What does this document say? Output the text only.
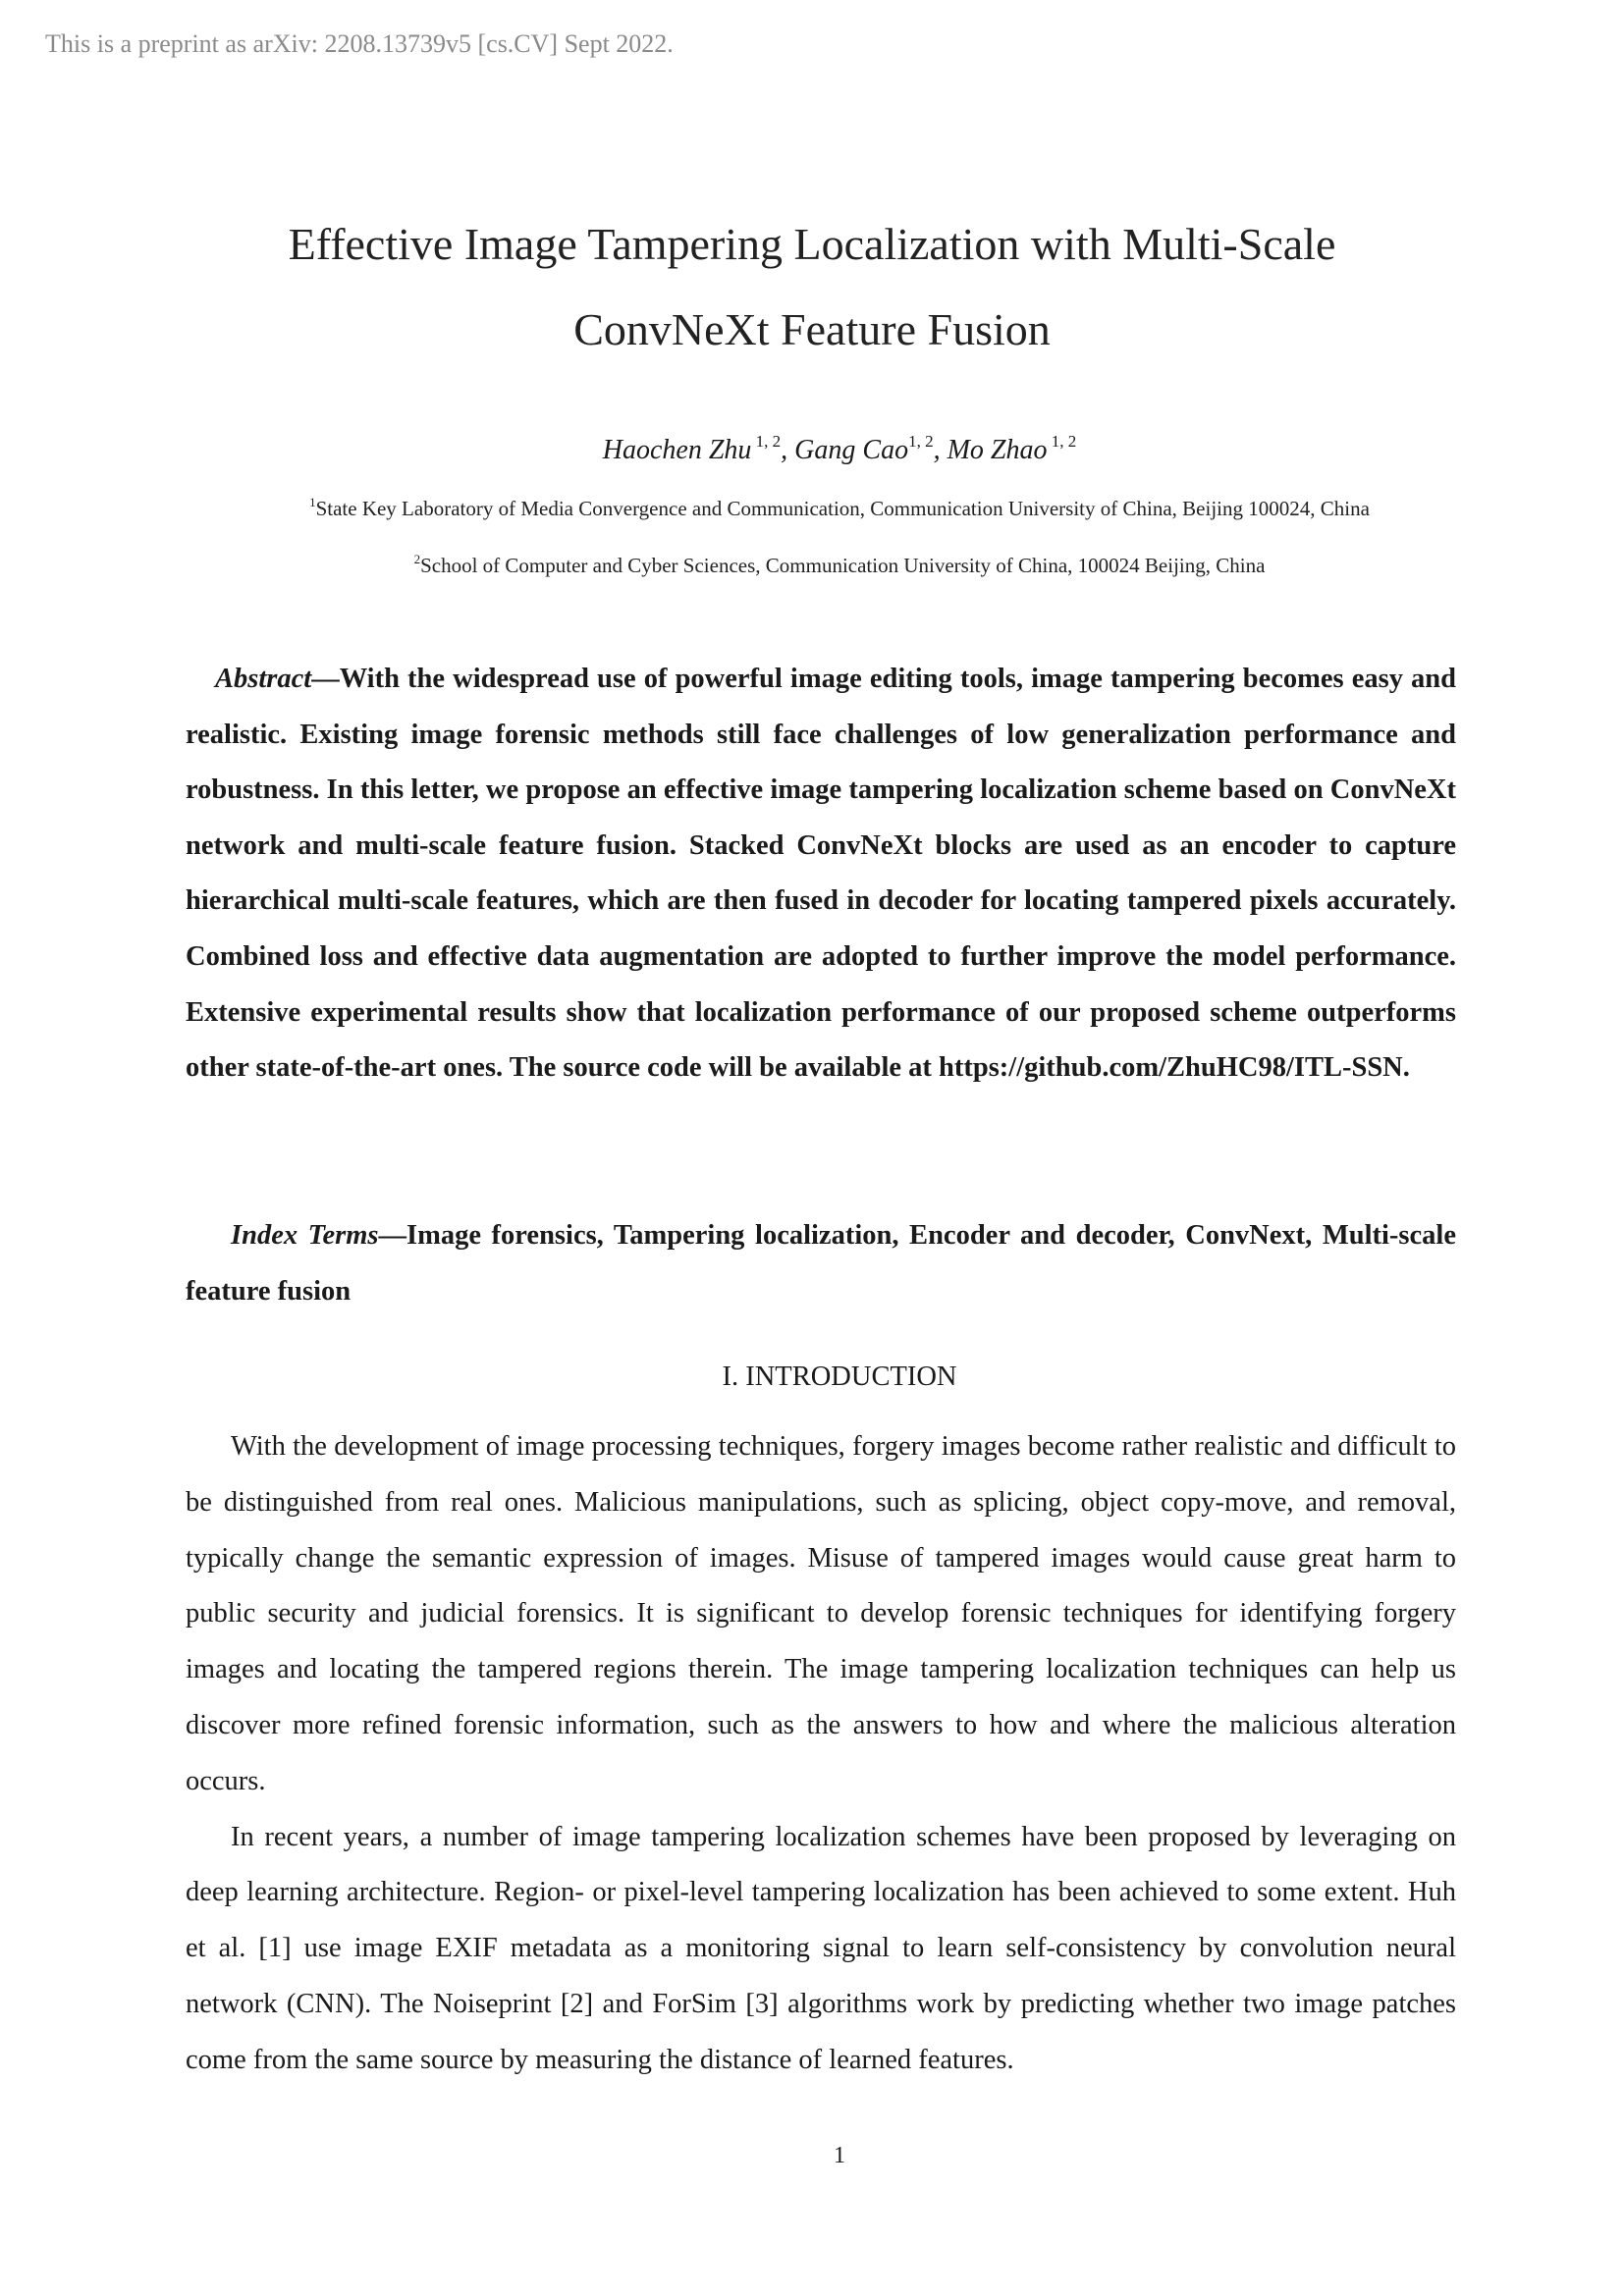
This is a preprint as arXiv: 2208.13739v5 [cs.CV] Sept 2022.
Effective Image Tampering Localization with Multi-Scale
ConvNeXt Feature Fusion
Haochen Zhu $^{1, 2}$, Gang Cao$^{1, 2}$, Mo Zhao $^{1, 2}$
$^1$State Key Laboratory of Media Convergence and Communication, Communication University of China, Beijing 100024, China
$^2$School of Computer and Cyber Sciences, Communication University of China, 100024 Beijing, China

Abstract—With the widespread use of powerful image editing tools, image tampering becomes easy and realistic. Existing image forensic methods still face challenges of low generalization performance and robustness. In this letter, we propose an effective image tampering localization scheme based on ConvNeXt network and multi-scale feature fusion. Stacked ConvNeXt blocks are used as an encoder to capture hierarchical multi-scale features, which are then fused in decoder for locating tampered pixels accurately. Combined loss and effective data augmentation are adopted to further improve the model performance. Extensive experimental results show that localization performance of our proposed scheme outperforms other state-of-the-art ones. The source code will be available at https://github.com/ZhuHC98/ITL-SSN.

Index Terms—Image forensics, Tampering localization, Encoder and decoder, ConvNext, Multi-scale feature fusion

I. INTRODUCTION

With the development of image processing techniques, forgery images become rather realistic and difficult to be distinguished from real ones. Malicious manipulations, such as splicing, object copy-move, and removal, typically change the semantic expression of images. Misuse of tampered images would cause great harm to public security and judicial forensics. It is significant to develop forensic techniques for identifying forgery images and locating the tampered regions therein. The image tampering localization techniques can help us discover more refined forensic information, such as the answers to how and where the malicious alteration occurs.

In recent years, a number of image tampering localization schemes have been proposed by leveraging on deep learning architecture. Region- or pixel-level tampering localization has been achieved to some extent. Huh et al. [1] use image EXIF metadata as a monitoring signal to learn self-consistency by convolution neural network (CNN). The Noiseprint [2] and ForSim [3] algorithms work by predicting whether two image patches come from the same source by measuring the distance of learned features.

1
